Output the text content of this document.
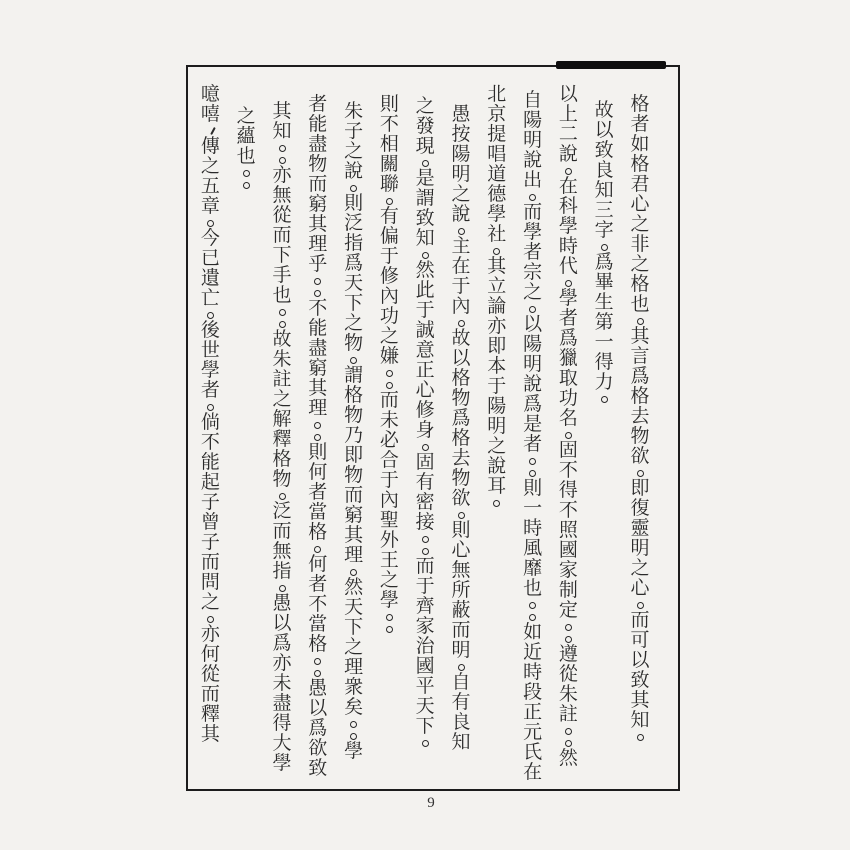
格
者
如
格
君
心
之
非
之
格
也
其
言
爲
格
去
物
欲
即
復
靈
明
之
心
而
可
以
致
其
知
故
以
致
良
知
三
字
爲
畢
生
第
一
得
力
以
上
二
說
在
科
學
時
代
學
者
爲
獵
取
功
名
固
不
得
不
照
國
家
制
定
遵
從
朱
註
然
自
陽
明
說
出
而
學
者
宗
之
以
陽
明
說
爲
是
者
則
一
時
風
靡
也
如
近
時
段
正
元
氏
在
北
京
提
唱
道
德
學
社
其
立
論
亦
即
本
于
陽
明
之
說
耳
愚
按
陽
明
之
說
主
在
于
內
故
以
格
物
爲
格
去
物
欲
則
心
無
所
蔽
而
明
自
有
良
知
之
發
現
是
謂
致
知
然
此
于
誠
意
正
心
修
身
固
有
密
接
而
于
齊
家
治
國
平
天
下
則
不
相
關
聯
有
偏
于
修
內
功
之
嫌
而
未
必
合
于
內
聖
外
王
之
學
朱
子
之
說
則
泛
指
爲
天
下
之
物
謂
格
物
乃
即
物
而
窮
其
理
然
天
下
之
理
衆
矣
學
者
能
盡
物
而
窮
其
理
乎
不
能
盡
窮
其
理
則
何
者
當
格
何
者
不
當
格
愚
以
爲
欲
致
其
知
亦
無
從
而
下
手
也
故
朱
註
之
解
釋
格
物
泛
而
無
指
愚
以
爲
亦
未
盡
得
大
學
之
蘊
也
噫
嘻
傳
之
五
章
今
已
遺
亡
後
世
學
者
倘
不
能
起
子
曾
子
而
問
之
亦
何
從
而
釋
其
9
